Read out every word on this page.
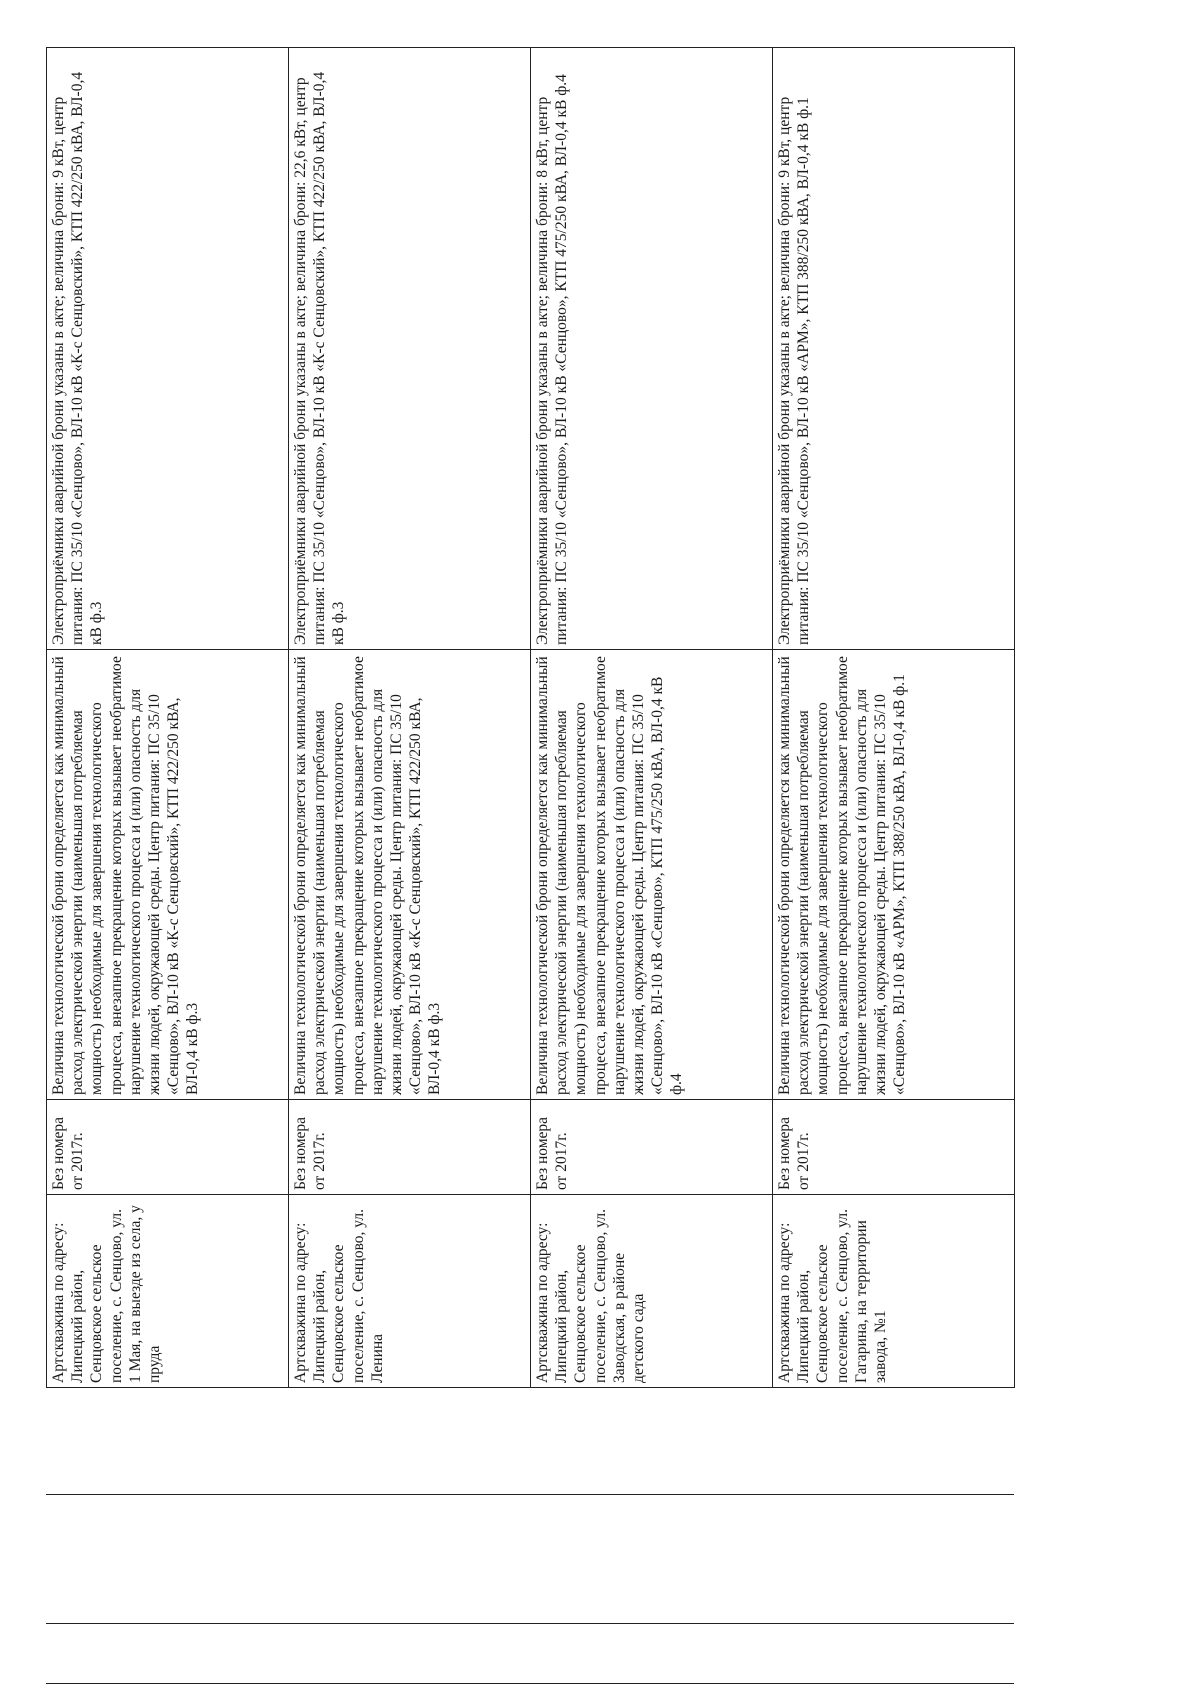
Артскважина по адресу: Липецкий район, Сенцовское сельское поселение, с. Сенцово, ул. 1 Мая, на выезде из села, у пруда	Без номера от 2017г.	Величина технологической брони определяется как минимальный расход электрической энергии (наименьшая потребляемая мощность) необходимые для завершения технологического процесса, внезапное прекращение которых вызывает необратимое нарушение технологического процесса и (или) опасность для жизни людей, окружающей среды. Центр питания: ПС 35/10 «Сенцово», ВЛ-10 кВ «К-с Сенцовский», КТП 422/250 кВА, ВЛ-0,4 кВ ф.3	Электроприёмники аварийной брони указаны в акте; величина брони: 9 кВт, центр питания: ПС 35/10 «Сенцово», ВЛ-10 кВ «К-с Сенцовский», КТП 422/250 кВА, ВЛ-0,4 кВ ф.3

Артскважина по адресу: Липецкий район, Сенцовское сельское поселение, с. Сенцово, ул. Ленина	Без номера от 2017г.	Величина технологической брони определяется как минимальный расход электрической энергии (наименьшая потребляемая мощность) необходимые для завершения технологического процесса, внезапное прекращение которых вызывает необратимое нарушение технологического процесса и (или) опасность для жизни людей, окружающей среды. Центр питания: ПС 35/10 «Сенцово», ВЛ-10 кВ «К-с Сенцовский», КТП 422/250 кВА, ВЛ-0,4 кВ ф.3	Электроприёмники аварийной брони указаны в акте; величина брони: 22,6 кВт, центр питания: ПС 35/10 «Сенцово», ВЛ-10 кВ «К-с Сенцовский», КТП 422/250 кВА, ВЛ-0,4 кВ ф.3

Артскважина по адресу: Липецкий район, Сенцовское сельское поселение, с. Сенцово, ул. Заводская, в районе детского сада	Без номера от 2017г.	Величина технологической брони определяется как минимальный расход электрической энергии (наименьшая потребляемая мощность) необходимые для завершения технологического процесса, внезапное прекращение которых вызывает необратимое нарушение технологического процесса и (или) опасность для жизни людей, окружающей среды. Центр питания: ПС 35/10 «Сенцово», ВЛ-10 кВ «Сенцово», КТП 475/250 кВА, ВЛ-0,4 кВ ф.4	Электроприёмники аварийной брони указаны в акте; величина брони: 8 кВт, центр питания: ПС 35/10 «Сенцово», ВЛ-10 кВ «Сенцово», КТП 475/250 кВА, ВЛ-0,4 кВ ф.4

Артскважина по адресу: Липецкий район, Сенцовское сельское поселение, с. Сенцово, ул. Гагарина, на территории завода, №1	Без номера от 2017г.	Величина технологической брони определяется как минимальный расход электрической энергии (наименьшая потребляемая мощность) необходимые для завершения технологического процесса, внезапное прекращение которых вызывает необратимое нарушение технологического процесса и (или) опасность для жизни людей, окружающей среды. Центр питания: ПС 35/10 «Сенцово», ВЛ-10 кВ «АРМ», КТП 388/250 кВА, ВЛ-0,4 кВ ф.1	Электроприёмники аварийной брони указаны в акте; величина брони: 9 кВт, центр питания: ПС 35/10 «Сенцово», ВЛ-10 кВ «АРМ», КТП 388/250 кВА, ВЛ-0,4 кВ ф.1
